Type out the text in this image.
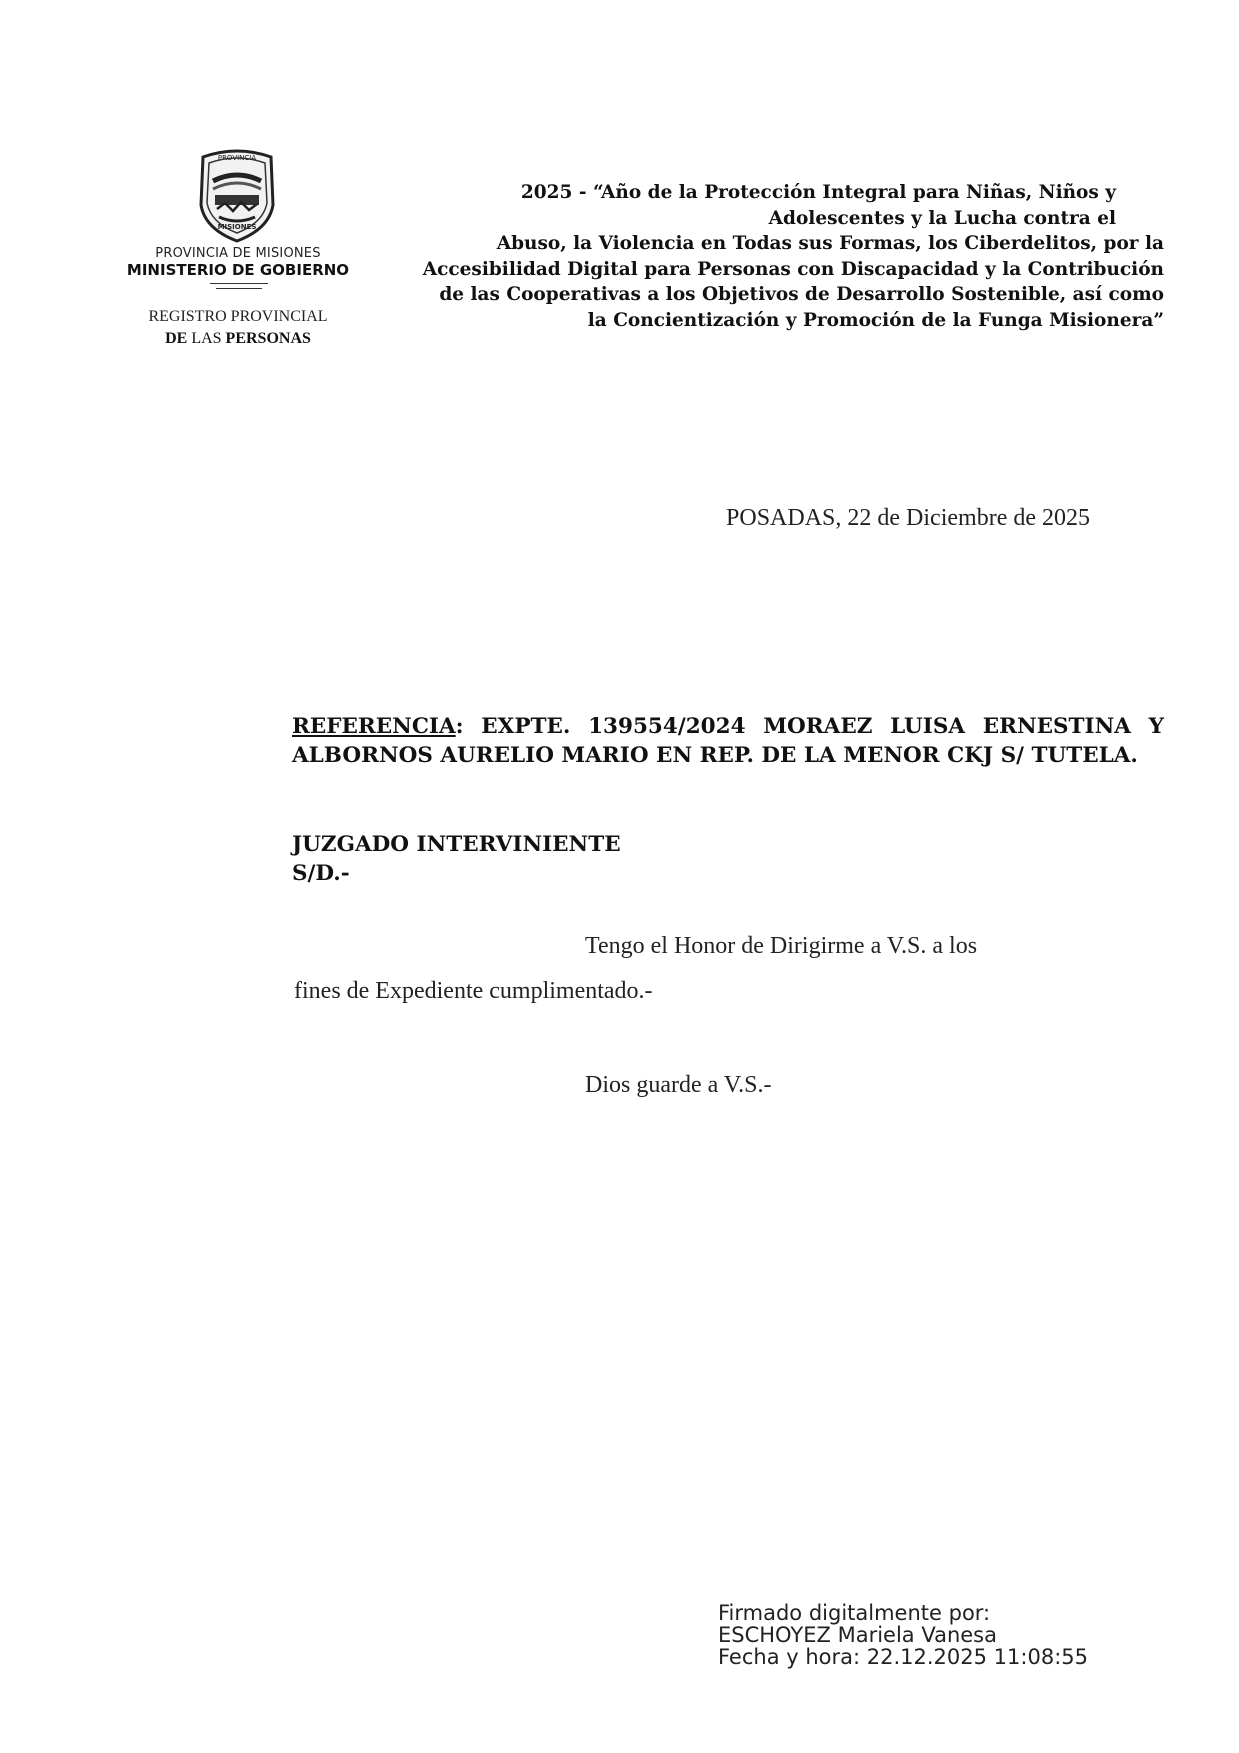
PROVINCIA
MISIONES
PROVINCIA DE MISIONES
MINISTERIO DE GOBIERNO
REGISTRO PROVINCIAL
DE LAS PERSONAS
2025 - “Año de la Protección Integral para Niñas, Niños y
Adolescentes y la Lucha contra el
Abuso, la Violencia en Todas sus Formas, los Ciberdelitos, por la
Accesibilidad Digital para Personas con Discapacidad y la Contribución
de las Cooperativas a los Objetivos de Desarrollo Sostenible, así como
la Concientización y Promoción de la Funga Misionera”
POSADAS, 22 de Diciembre de 2025
REFERENCIA: EXPTE. 139554/2024 MORAEZ LUISA ERNESTINA Y ALBORNOS AURELIO MARIO EN REP. DE LA MENOR CKJ S/ TUTELA.
JUZGADO INTERVINIENTE
S/D.-
Tengo el Honor de Dirigirme a V.S. a los
fines de Expediente cumplimentado.-
Dios guarde a V.S.-
Firmado digitalmente por:
ESCHOYEZ Mariela Vanesa
Fecha y hora: 22.12.2025 11:08:55
